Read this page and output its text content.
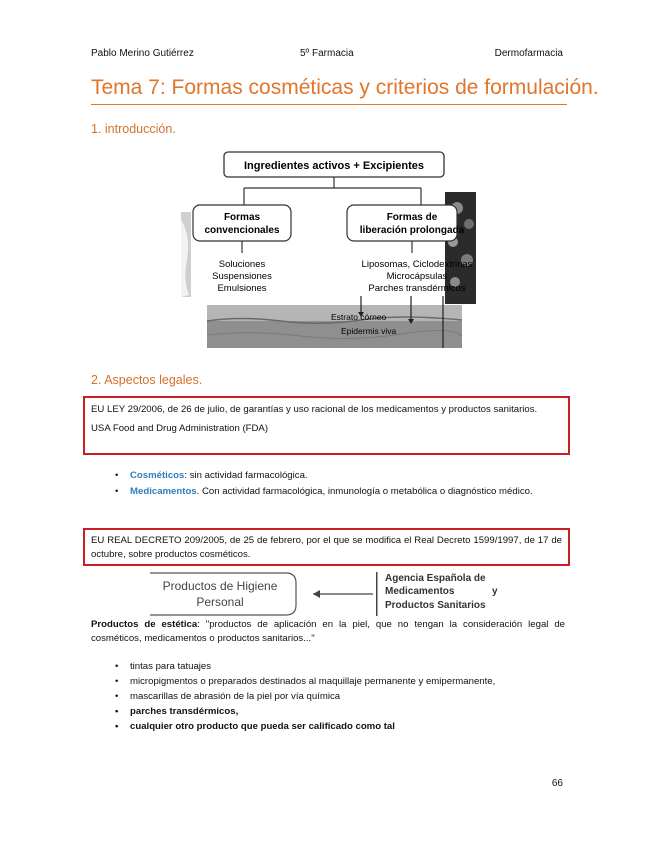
Pablo Merino Gutiérrez	5º Farmacia	Dermofarmacia
Tema 7: Formas cosméticas y criterios de formulación.
1. introducción.
Ingredientes activos + Excipientes
Formas
convencionales
Formas de
liberación prolongada
Soluciones
Suspensiones
Emulsiones
Liposomas, Ciclodextrinas
Microcápsulas
Parches transdérmicos
Estrato córneo
Epidermis viva
2. Aspectos legales.

EU LEY 29/2006, de 26 de julio, de garantías y uso racional de los medicamentos y productos sanitarios.

USA Food and Drug Administration (FDA)

• Cosméticos: sin actividad farmacológica.
• Medicamentos. Con actividad farmacológica, inmunología o metabólica o diagnóstico médico.

EU REAL DECRETO 209/2005, de 25 de febrero, por el que se modifica el Real Decreto 1599/1997, de 17 de octubre, sobre productos cosméticos.

Productos de Higiene
Personal
Agencia Española de
Medicamentos	y
Productos Sanitarios
Productos de estética: "productos de aplicación en la piel, que no tengan la consideración legal de cosméticos, medicamentos o productos sanitarios..."
• tintas para tatuajes
• micropigmentos o preparados destinados al maquillaje permanente y emipermanente,
• mascarillas de abrasión de la piel por vía química
• parches transdérmicos,
• cualquier otro producto que pueda ser calificado como tal
66
